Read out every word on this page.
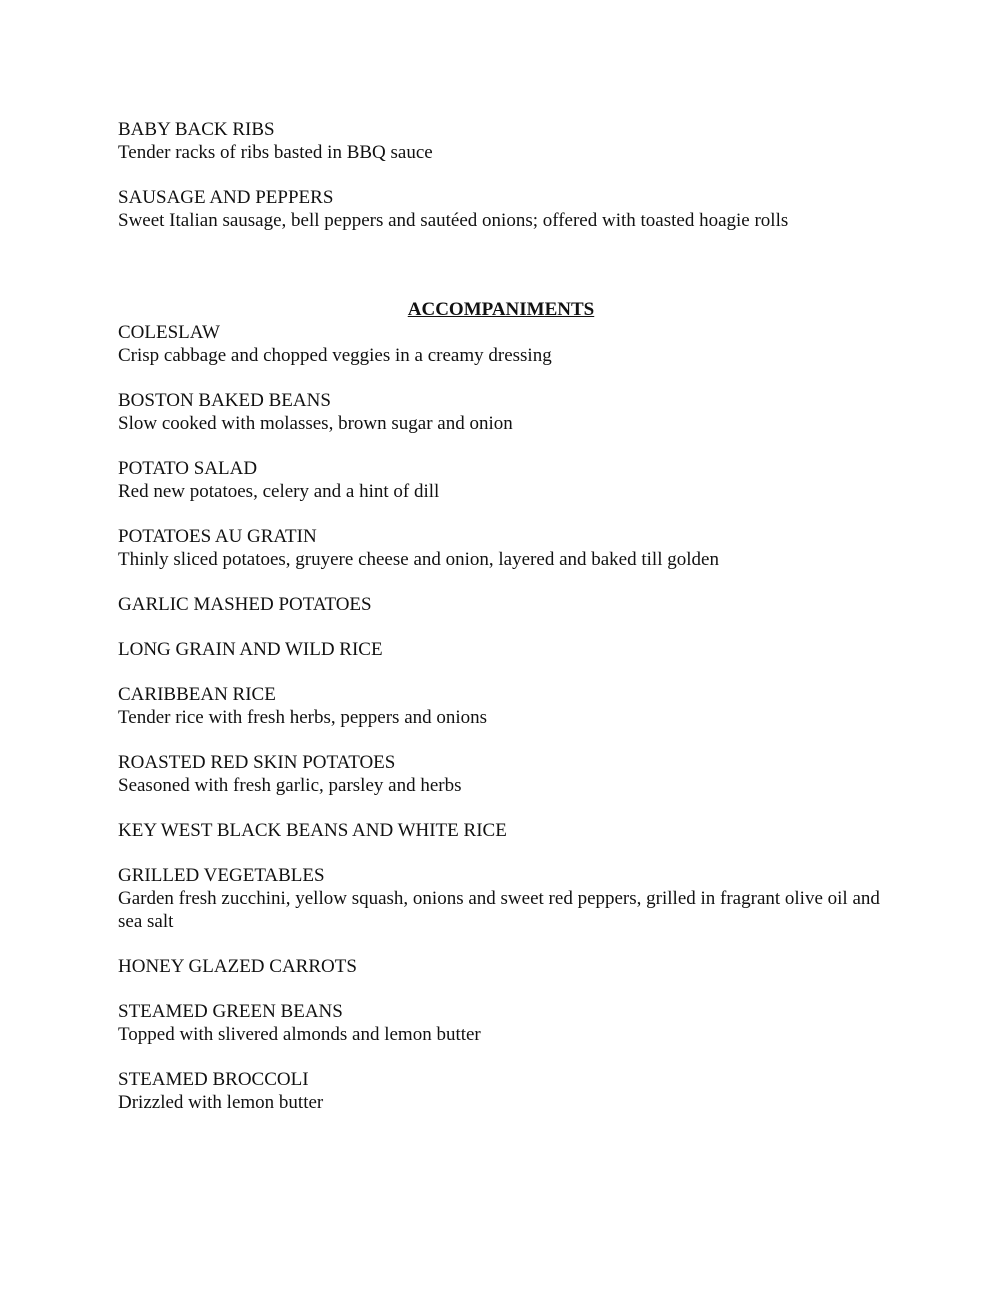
BABY BACK RIBS
Tender racks of ribs basted in BBQ sauce
SAUSAGE AND PEPPERS
Sweet Italian sausage, bell peppers and sautéed onions; offered with toasted hoagie rolls
ACCOMPANIMENTS
COLESLAW
Crisp cabbage and chopped veggies in a creamy dressing
BOSTON BAKED BEANS
Slow cooked with molasses, brown sugar and onion
POTATO SALAD
Red new potatoes, celery and a hint of dill
POTATOES AU GRATIN
Thinly sliced potatoes, gruyere cheese and onion, layered and baked till golden
GARLIC MASHED POTATOES
LONG GRAIN AND WILD RICE
CARIBBEAN RICE
Tender rice with fresh herbs, peppers and onions
ROASTED RED SKIN POTATOES
Seasoned with fresh garlic, parsley and herbs
KEY WEST BLACK BEANS AND WHITE RICE
GRILLED VEGETABLES
Garden fresh zucchini, yellow squash, onions and sweet red peppers, grilled in fragrant olive oil and sea salt
HONEY GLAZED CARROTS
STEAMED GREEN BEANS
Topped with slivered almonds and lemon butter
STEAMED BROCCOLI
Drizzled with lemon butter
